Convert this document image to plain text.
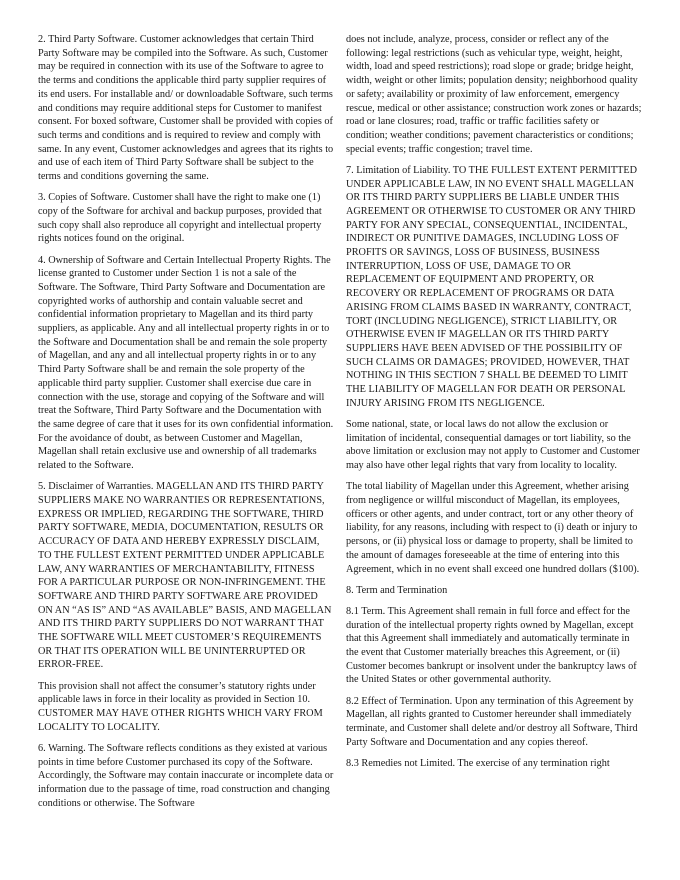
2. Third Party Software. Customer acknowledges that certain Third Party Software may be compiled into the Software. As such, Customer may be required in connection with its use of the Software to agree to the terms and conditions the applicable third party supplier requires of its end users. For installable and/ or downloadable Software, such terms and conditions may require additional steps for Customer to manifest consent. For boxed software, Customer shall be provided with copies of such terms and conditions and is required to review and comply with same. In any event, Customer acknowledges and agrees that its rights to and use of each item of Third Party Software shall be subject to the terms and conditions governing the same.

3. Copies of Software. Customer shall have the right to make one (1) copy of the Software for archival and backup purposes, provided that such copy shall also reproduce all copyright and intellectual property rights notices found on the original.

4. Ownership of Software and Certain Intellectual Property Rights. The license granted to Customer under Section 1 is not a sale of the Software. The Software, Third Party Software and Documentation are copyrighted works of authorship and contain valuable secret and confidential information proprietary to Magellan and its third party suppliers, as applicable. Any and all intellectual property rights in or to the Software and Documentation shall be and remain the sole property of Magellan, and any and all intellectual property rights in or to any Third Party Software shall be and remain the sole property of the applicable third party supplier. Customer shall exercise due care in connection with the use, storage and copying of the Software and will treat the Software, Third Party Software and the Documentation with the same degree of care that it uses for its own confidential information. For the avoidance of doubt, as between Customer and Magellan, Magellan shall retain exclusive use and ownership of all trademarks related to the Software.

5. Disclaimer of Warranties. MAGELLAN AND ITS THIRD PARTY SUPPLIERS MAKE NO WARRANTIES OR REPRESENTATIONS, EXPRESS OR IMPLIED, REGARDING THE SOFTWARE, THIRD PARTY SOFTWARE, MEDIA, DOCUMENTATION, RESULTS OR ACCURACY OF DATA AND HEREBY EXPRESSLY DISCLAIM, TO THE FULLEST EXTENT PERMITTED UNDER APPLICABLE LAW, ANY WARRANTIES OF MERCHANTABILITY, FITNESS FOR A PARTICULAR PURPOSE OR NON-INFRINGEMENT. THE SOFTWARE AND THIRD PARTY SOFTWARE ARE PROVIDED ON AN “AS IS” AND “AS AVAILABLE” BASIS, AND MAGELLAN AND ITS THIRD PARTY SUPPLIERS DO NOT WARRANT THAT THE SOFTWARE WILL MEET CUSTOMER’S REQUIREMENTS OR THAT ITS OPERATION WILL BE UNINTERRUPTED OR ERROR-FREE.

This provision shall not affect the consumer’s statutory rights under applicable laws in force in their locality as provided in Section 10. CUSTOMER MAY HAVE OTHER RIGHTS WHICH VARY FROM LOCALITY TO LOCALITY.

6. Warning. The Software reflects conditions as they existed at various points in time before Customer purchased its copy of the Software. Accordingly, the Software may contain inaccurate or incomplete data or information due to the passage of time, road construction and changing conditions or otherwise. The Software

does not include, analyze, process, consider or reflect any of the following: legal restrictions (such as vehicular type, weight, height, width, load and speed restrictions); road slope or grade; bridge height, width, weight or other limits; population density; neighborhood quality or safety; availability or proximity of law enforcement, emergency rescue, medical or other assistance; construction work zones or hazards; road or lane closures; road, traffic or traffic facilities safety or condition; weather conditions; pavement characteristics or conditions; special events; traffic congestion; travel time.

7. Limitation of Liability. TO THE FULLEST EXTENT PERMITTED UNDER APPLICABLE LAW, IN NO EVENT SHALL MAGELLAN OR ITS THIRD PARTY SUPPLIERS BE LIABLE UNDER THIS AGREEMENT OR OTHERWISE TO CUSTOMER OR ANY THIRD PARTY FOR ANY SPECIAL, CONSEQUENTIAL, INCIDENTAL, INDIRECT OR PUNITIVE DAMAGES, INCLUDING LOSS OF PROFITS OR SAVINGS, LOSS OF BUSINESS, BUSINESS INTERRUPTION, LOSS OF USE, DAMAGE TO OR REPLACEMENT OF EQUIPMENT AND PROPERTY, OR RECOVERY OR REPLACEMENT OF PROGRAMS OR DATA ARISING FROM CLAIMS BASED IN WARRANTY, CONTRACT, TORT (INCLUDING NEGLIGENCE), STRICT LIABILITY, OR OTHERWISE EVEN IF MAGELLAN OR ITS THIRD PARTY SUPPLIERS HAVE BEEN ADVISED OF THE POSSIBILITY OF SUCH CLAIMS OR DAMAGES; PROVIDED, HOWEVER, THAT NOTHING IN THIS SECTION 7 SHALL BE DEEMED TO LIMIT THE LIABILITY OF MAGELLAN FOR DEATH OR PERSONAL INJURY ARISING FROM ITS NEGLIGENCE.

Some national, state, or local laws do not allow the exclusion or limitation of incidental, consequential damages or tort liability, so the above limitation or exclusion may not apply to Customer and Customer may also have other legal rights that vary from locality to locality.

The total liability of Magellan under this Agreement, whether arising from negligence or willful misconduct of Magellan, its employees, officers or other agents, and under contract, tort or any other theory of liability, for any reasons, including with respect to (i) death or injury to persons, or (ii) physical loss or damage to property, shall be limited to the amount of damages foreseeable at the time of entering into this Agreement, which in no event shall exceed one hundred dollars ($100).

8. Term and Termination

8.1 Term. This Agreement shall remain in full force and effect for the duration of the intellectual property rights owned by Magellan, except that this Agreement shall immediately and automatically terminate in the event that Customer materially breaches this Agreement, or (ii) Customer becomes bankrupt or insolvent under the bankruptcy laws of the United States or other governmental authority.

8.2 Effect of Termination. Upon any termination of this Agreement by Magellan, all rights granted to Customer hereunder shall immediately terminate, and Customer shall delete and/or destroy all Software, Third Party Software and Documentation and any copies thereof.

8.3 Remedies not Limited. The exercise of any termination right
